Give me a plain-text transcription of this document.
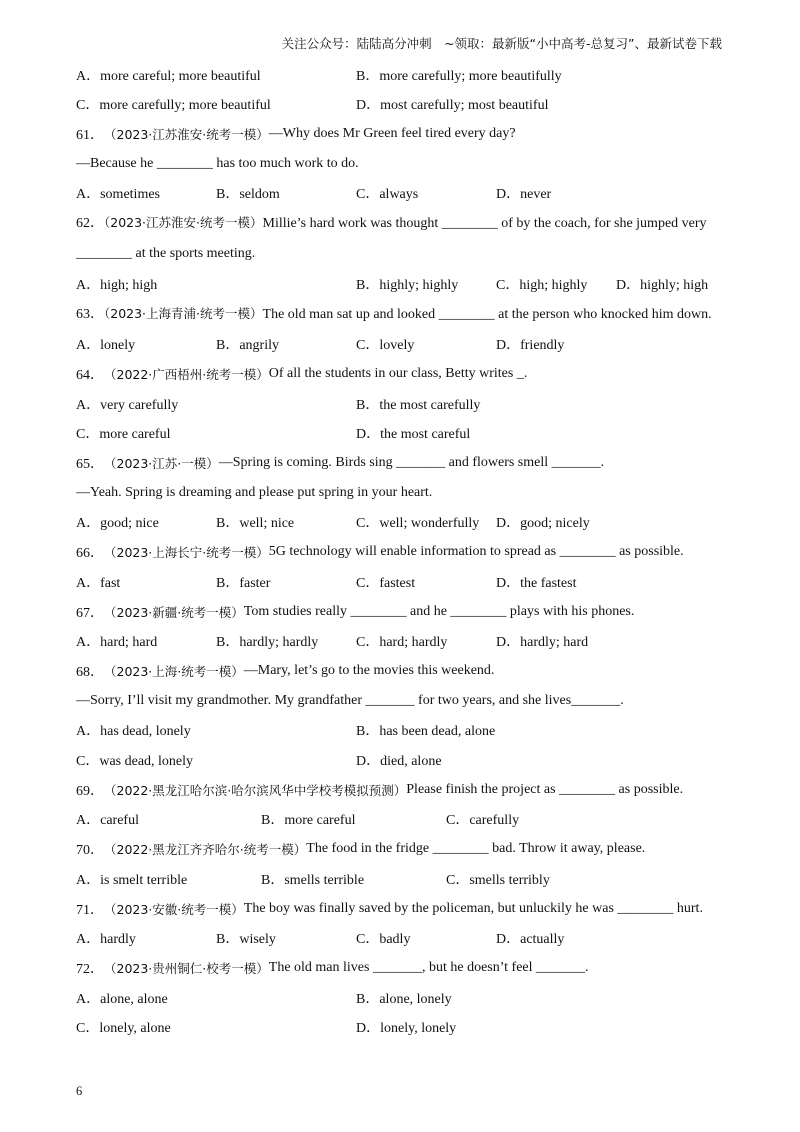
关注公众号：陆陆高分冲刺　~领取：最新版“小中高考-总复习”、最新试卷下载
A．more careful; more beautiful	B．more carefully; more beautifully
C．more carefully; more beautiful	D．most carefully; most beautiful
61． （2023·江苏淮安·统考一模） —Why does Mr Green feel tired every day?
—Because he ________ has too much work to do.
A．sometimes	B．seldom	C．always	D．never
62．（2023·江苏淮安·统考一模）Millie’s hard work was thought ________ of by the coach, for she jumped very ________ at the sports meeting.
A．high; high	B．highly; highly	C．high; highly	D．highly; high
63．（2023·上海青浦·统考一模）The old man sat up and looked ________ at the person who knocked him down.
A．lonely	B．angrily	C．lovely	D．friendly
64． （2022·广西梧州·统考一模） Of all the students in our class, Betty writes _.
A．very carefully	B．the most carefully
C．more careful	D．the most careful
65． （2023·江苏·一模） —Spring is coming. Birds sing _______ and flowers smell _______.
—Yeah. Spring is dreaming and please put spring in your heart.
A．good; nice	B．well; nice	C．well; wonderfully	D．good; nicely
66． （2023·上海长宁·统考一模） 5G technology will enable information to spread as ________ as possible.
A．fast	B．faster	C．fastest	D．the fastest
67． （2023·新疆·统考一模） Tom studies really ________ and he ________ plays with his phones.
A．hard; hard	B．hardly; hardly	C．hard; hardly	D．hardly; hard
68． （2023·上海·统考一模） —Mary, let’s go to the movies this weekend.
—Sorry, I’ll visit my grandmother. My grandfather _______ for two years, and she lives_______.
A．has dead, lonely	B．has been dead, alone
C．was dead, lonely	D．died, alone
69． （2022·黑龙江哈尔滨·哈尔滨风华中学校考模拟预测） Please finish the project as ________ as possible.
A．careful	B．more careful	C．carefully
70． （2022·黑龙江齐齐哈尔·统考一模） The food in the fridge ________ bad. Throw it away, please.
A．is smelt terrible	B．smells terrible	C．smells terribly
71． （2023·安徽·统考一模） The boy was finally saved by the policeman, but unluckily he was ________ hurt.
A．hardly	B．wisely	C．badly	D．actually
72． （2023·贵州铜仁·校考一模） The old man lives _______, but he doesn’t feel _______.
A．alone, alone	B．alone, lonely
C．lonely, alone	D．lonely, lonely
6
